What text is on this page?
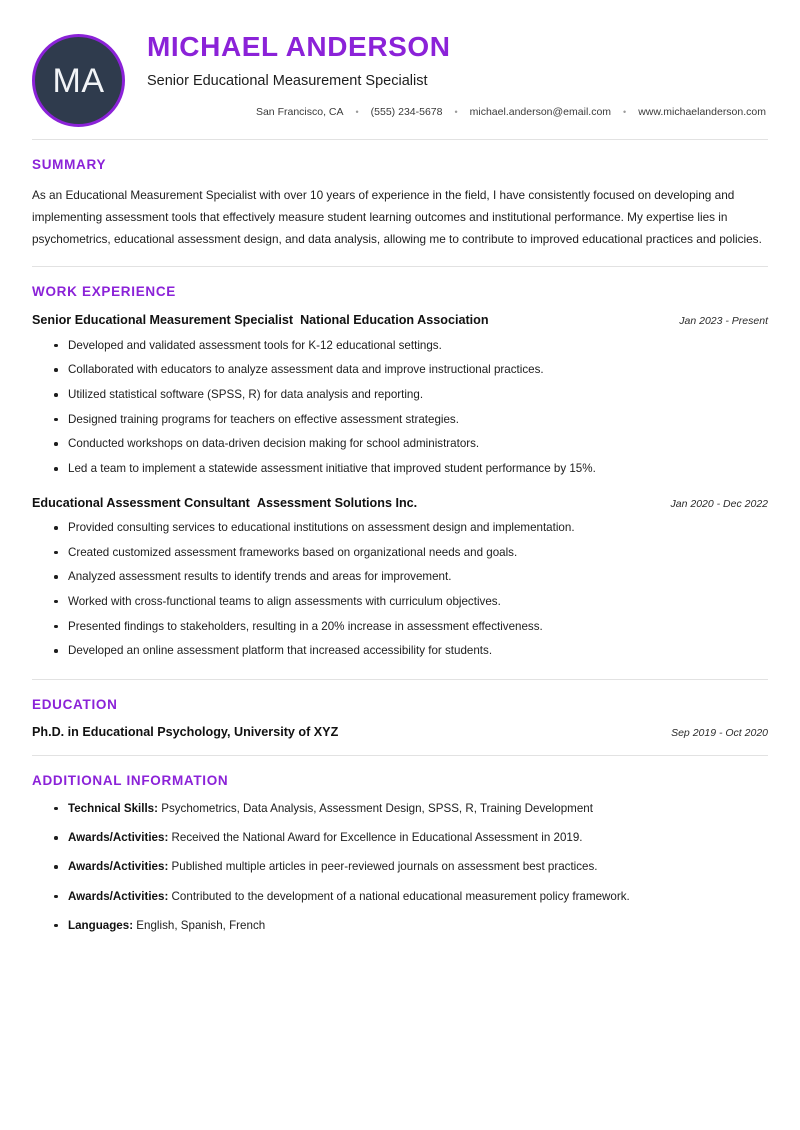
MA
MICHAEL ANDERSON
Senior Educational Measurement Specialist
San Francisco, CA • (555) 234-5678 • michael.anderson@email.com • www.michaelanderson.com
SUMMARY

As an Educational Measurement Specialist with over 10 years of experience in the field, I have consistently focused on developing and implementing assessment tools that effectively measure student learning outcomes and institutional performance. My expertise lies in psychometrics, educational assessment design, and data analysis, allowing me to contribute to improved educational practices and policies.

WORK EXPERIENCE
Senior Educational Measurement Specialist National Education Association	Jan 2023 - Present
Developed and validated assessment tools for K-12 educational settings.
Collaborated with educators to analyze assessment data and improve instructional practices.
Utilized statistical software (SPSS, R) for data analysis and reporting.
Designed training programs for teachers on effective assessment strategies.
Conducted workshops on data-driven decision making for school administrators.
Led a team to implement a statewide assessment initiative that improved student performance by 15%.
Educational Assessment Consultant Assessment Solutions Inc.	Jan 2020 - Dec 2022
Provided consulting services to educational institutions on assessment design and implementation.
Created customized assessment frameworks based on organizational needs and goals.
Analyzed assessment results to identify trends and areas for improvement.
Worked with cross-functional teams to align assessments with curriculum objectives.
Presented findings to stakeholders, resulting in a 20% increase in assessment effectiveness.
Developed an online assessment platform that increased accessibility for students.
EDUCATION
Ph.D. in Educational Psychology, University of XYZ	Sep 2019 - Oct 2020
ADDITIONAL INFORMATION
Technical Skills: Psychometrics, Data Analysis, Assessment Design, SPSS, R, Training Development
Awards/Activities: Received the National Award for Excellence in Educational Assessment in 2019.
Awards/Activities: Published multiple articles in peer-reviewed journals on assessment best practices.
Awards/Activities: Contributed to the development of a national educational measurement policy framework.
Languages: English, Spanish, French
